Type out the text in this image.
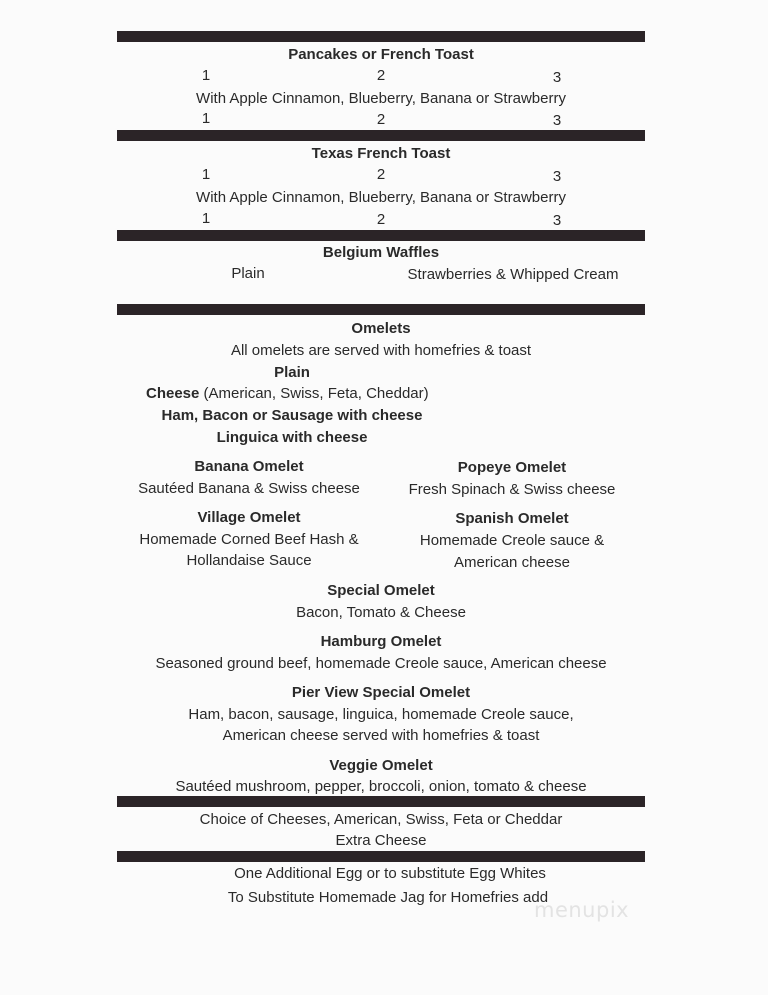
Pancakes or French Toast
1	2	3
With Apple Cinnamon, Blueberry, Banana or Strawberry
1	2	3
Texas French Toast
1	2	3
With Apple Cinnamon, Blueberry, Banana or Strawberry
1	2	3
Belgium Waffles
Plain	Strawberries & Whipped Cream
Omelets
All omelets are served with homefries & toast
Plain
Cheese (American, Swiss, Feta, Cheddar)
Ham, Bacon or Sausage with cheese
Linguica with cheese
Banana Omelet
Sautéed Banana & Swiss cheese
Popeye Omelet
Fresh Spinach & Swiss cheese
Village Omelet
Homemade Corned Beef Hash &
Hollandaise Sauce
Spanish Omelet
Homemade Creole sauce &
American cheese
Special Omelet
Bacon, Tomato & Cheese
Hamburg Omelet
Seasoned ground beef, homemade Creole sauce, American cheese
Pier View Special Omelet
Ham, bacon, sausage, linguica, homemade Creole sauce,
American cheese served with homefries & toast
Veggie Omelet
Sautéed mushroom, pepper, broccoli, onion, tomato & cheese
Choice of Cheeses, American, Swiss, Feta or Cheddar
Extra Cheese
One Additional Egg or to substitute Egg Whites
To Substitute Homemade Jag for Homefries add
menupix
